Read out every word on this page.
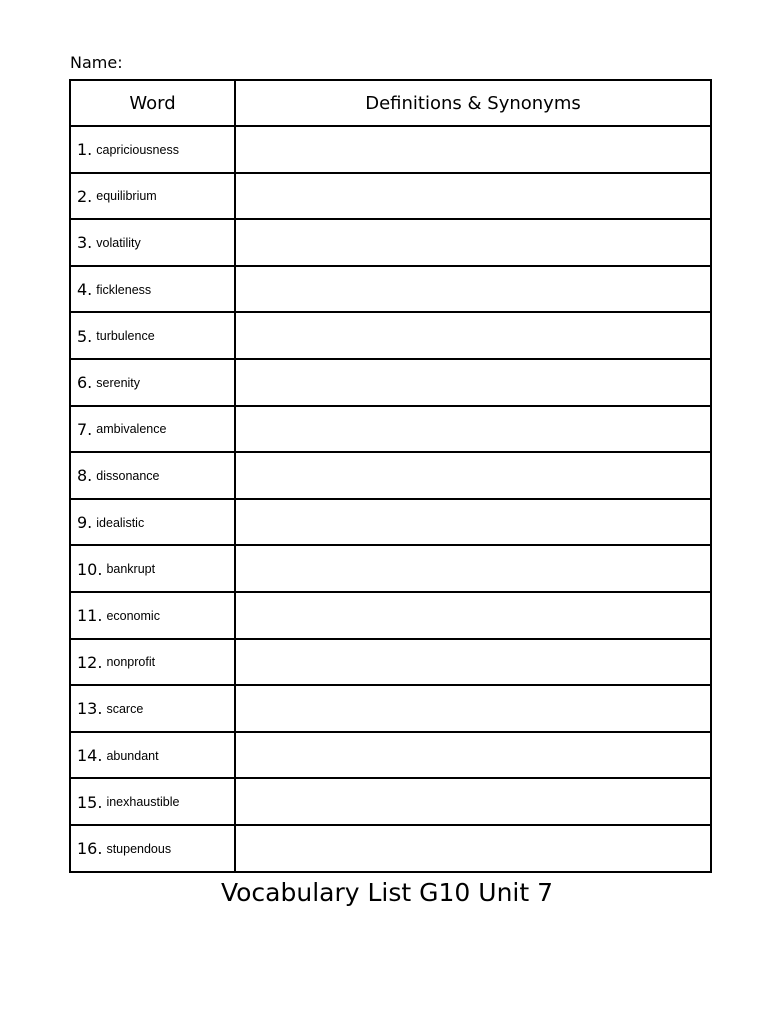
Name:
Word	Definitions & Synonyms
1. capriciousness	
2. equilibrium	
3. volatility	
4. fickleness	
5. turbulence	
6. serenity	
7. ambivalence	
8. dissonance	
9. idealistic	
10. bankrupt	
11. economic	
12. nonprofit	
13. scarce	
14. abundant	
15. inexhaustible	
16. stupendous	
Vocabulary List G10 Unit 7
